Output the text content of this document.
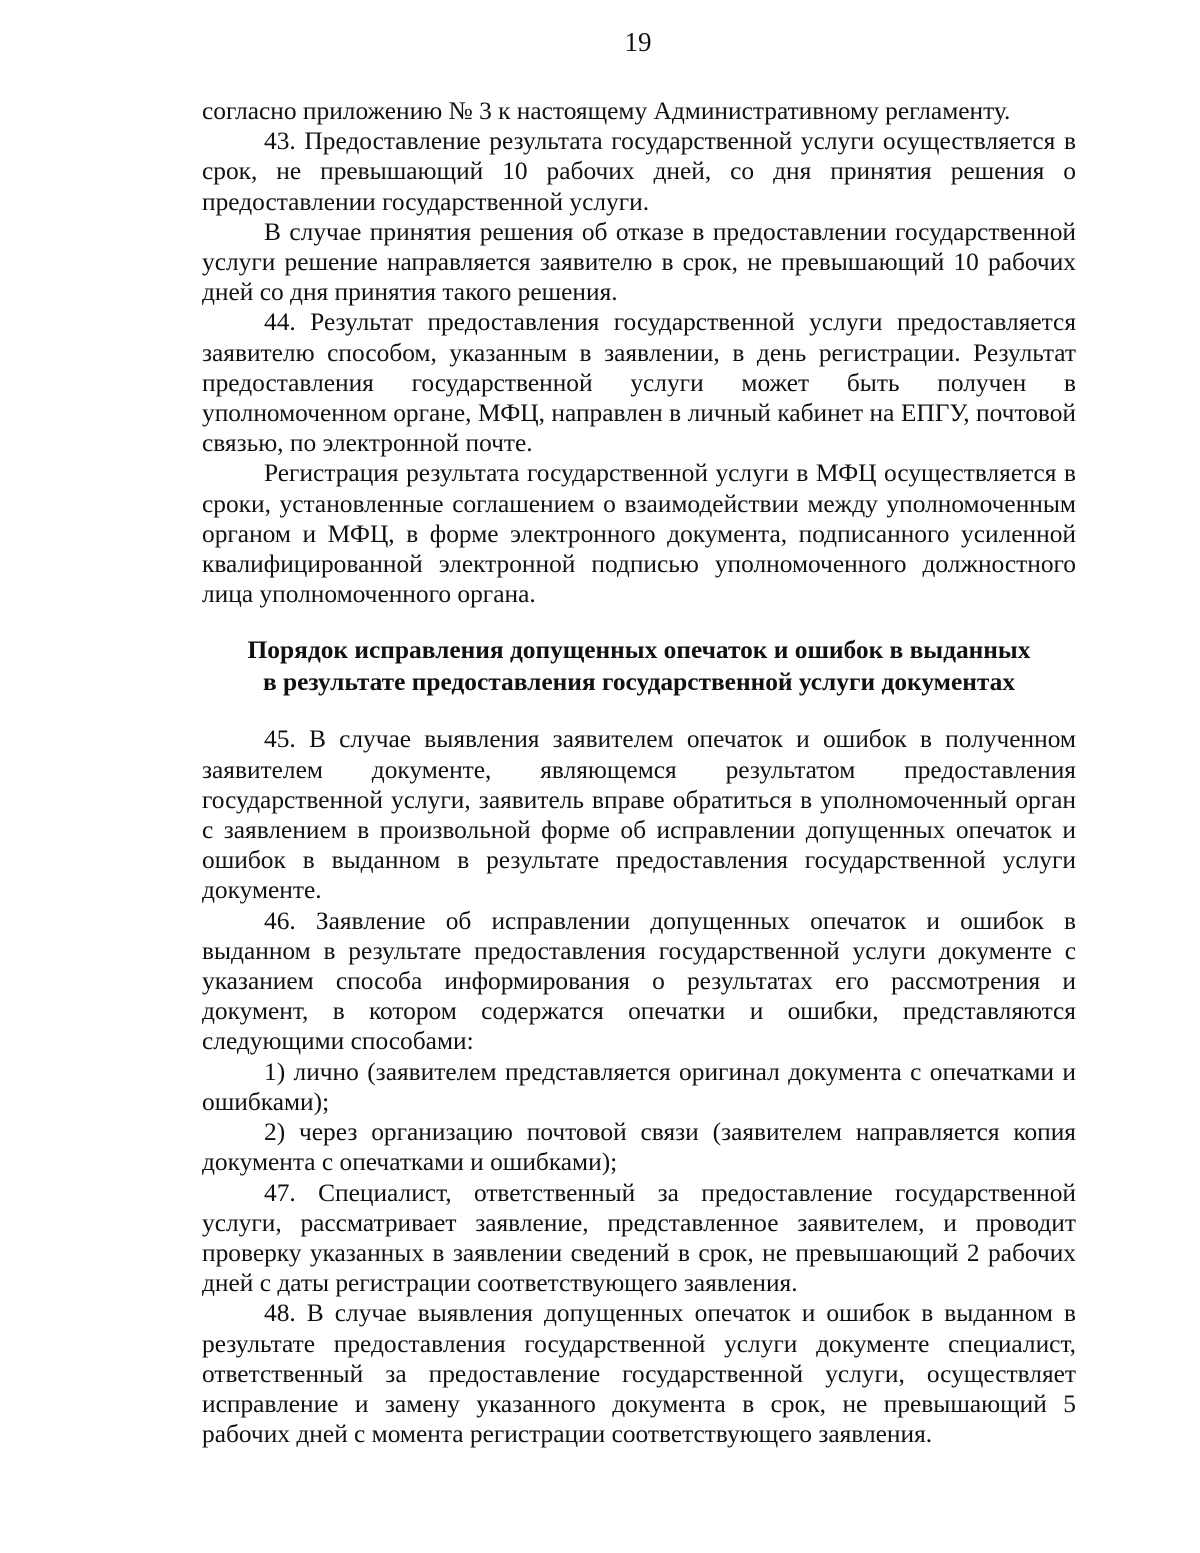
19

согласно приложению № 3 к настоящему Административному регламенту.

43. Предоставление результата государственной услуги осуществляется в срок, не превышающий 10 рабочих дней, со дня принятия решения о предоставлении государственной услуги.

В случае принятия решения об отказе в предоставлении государственной услуги решение направляется заявителю в срок, не превышающий 10 рабочих дней со дня принятия такого решения.

44. Результат предоставления государственной услуги предоставляется заявителю способом, указанным в заявлении, в день регистрации. Результат предоставления государственной услуги может быть получен в уполномоченном органе, МФЦ, направлен в личный кабинет на ЕПГУ, почтовой связью, по электронной почте.

Регистрация результата государственной услуги в МФЦ осуществляется в сроки, установленные соглашением о взаимодействии между уполномоченным органом и МФЦ, в форме электронного документа, подписанного усиленной квалифицированной электронной подписью уполномоченного должностного лица уполномоченного органа.

Порядок исправления допущенных опечаток и ошибок в выданных
в результате предоставления государственной услуги документах

45. В случае выявления заявителем опечаток и ошибок в полученном заявителем документе, являющемся результатом предоставления государственной услуги, заявитель вправе обратиться в уполномоченный орган с заявлением в произвольной форме об исправлении допущенных опечаток и ошибок в выданном в результате предоставления государственной услуги документе.

46. Заявление об исправлении допущенных опечаток и ошибок в выданном в результате предоставления государственной услуги документе с указанием способа информирования о результатах его рассмотрения и документ, в котором содержатся опечатки и ошибки, представляются следующими способами:

1) лично (заявителем представляется оригинал документа с опечатками и ошибками);

2) через организацию почтовой связи (заявителем направляется копия документа с опечатками и ошибками);

47. Специалист, ответственный за предоставление государственной услуги, рассматривает заявление, представленное заявителем, и проводит проверку указанных в заявлении сведений в срок, не превышающий 2 рабочих дней с даты регистрации соответствующего заявления.

48. В случае выявления допущенных опечаток и ошибок в выданном в результате предоставления государственной услуги документе специалист, ответственный за предоставление государственной услуги, осуществляет исправление и замену указанного документа в срок, не превышающий 5 рабочих дней с момента регистрации соответствующего заявления.
